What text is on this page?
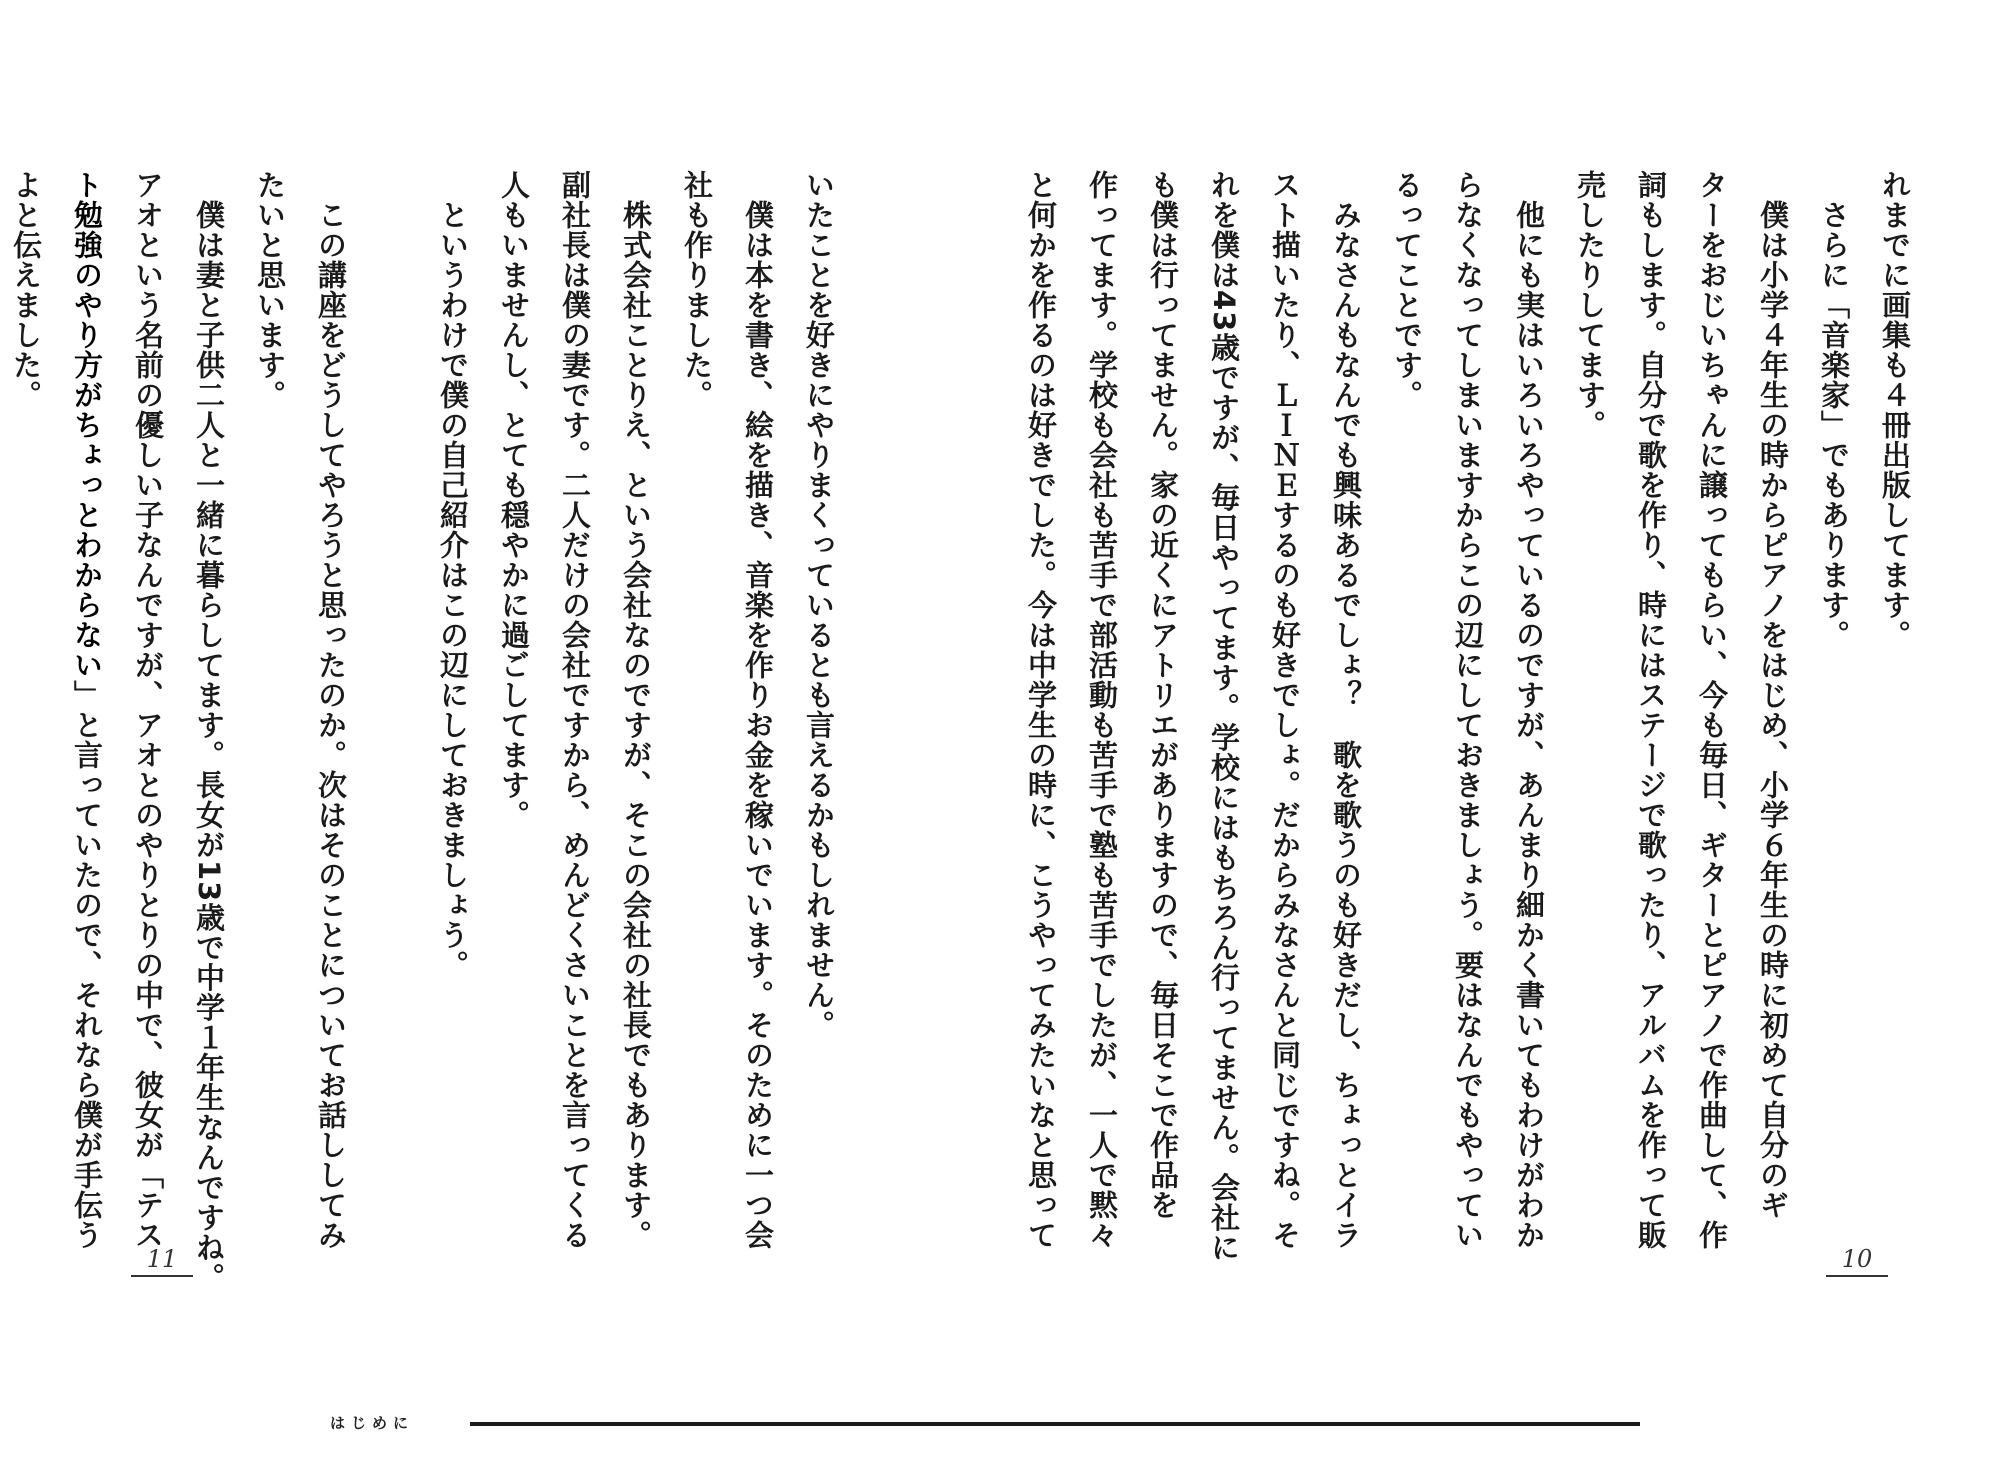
れまでに画集も４冊出版してます。
　さらに「音楽家」でもあります。
　僕は小学４年生の時からピアノをはじめ、小学６年生の時に初めて自分のギ
ターをおじいちゃんに譲ってもらい、今も毎日、ギターとピアノで作曲して、作
詞もします。自分で歌を作り、時にはステージで歌ったり、アルバムを作って販
売したりしてます。
　他にも実はいろいろやっているのですが、あんまり細かく書いてもわけがわか
らなくなってしまいますからこの辺にしておきましょう。要はなんでもやってい
るってことです。
　みなさんもなんでも興味あるでしょ？　歌を歌うのも好きだし、ちょっとイラ
スト描いたり、ＬＩＮＥするのも好きでしょ。だからみなさんと同じですね。そ
れを僕は43歳ですが、毎日やってます。学校にはもちろん行ってません。会社に
も僕は行ってません。家の近くにアトリエがありますので、毎日そこで作品を
作ってます。学校も会社も苦手で部活動も苦手で塾も苦手でしたが、一人で黙々
と何かを作るのは好きでした。今は中学生の時に、こうやってみたいなと思って
10
いたことを好きにやりまくっているとも言えるかもしれません。
　僕は本を書き、絵を描き、音楽を作りお金を稼いでいます。そのために一つ会
社も作りました。
　株式会社ことりえ、という会社なのですが、そこの会社の社長でもあります。
副社長は僕の妻です。二人だけの会社ですから、めんどくさいことを言ってくる
人もいませんし、とても穏やかに過ごしてます。
　というわけで僕の自己紹介はこの辺にしておきましょう。
　この講座をどうしてやろうと思ったのか。次はそのことについてお話ししてみ
たいと思います。
　僕は妻と子供二人と一緒に暮らしてます。長女が13歳で中学１年生なんですね。
アオという名前の優しい子なんですが、アオとのやりとりの中で、彼女が「テス
ト勉強のやり方がちょっとわからない」と言っていたので、それなら僕が手伝う
よと伝えました。
11
はじめに
